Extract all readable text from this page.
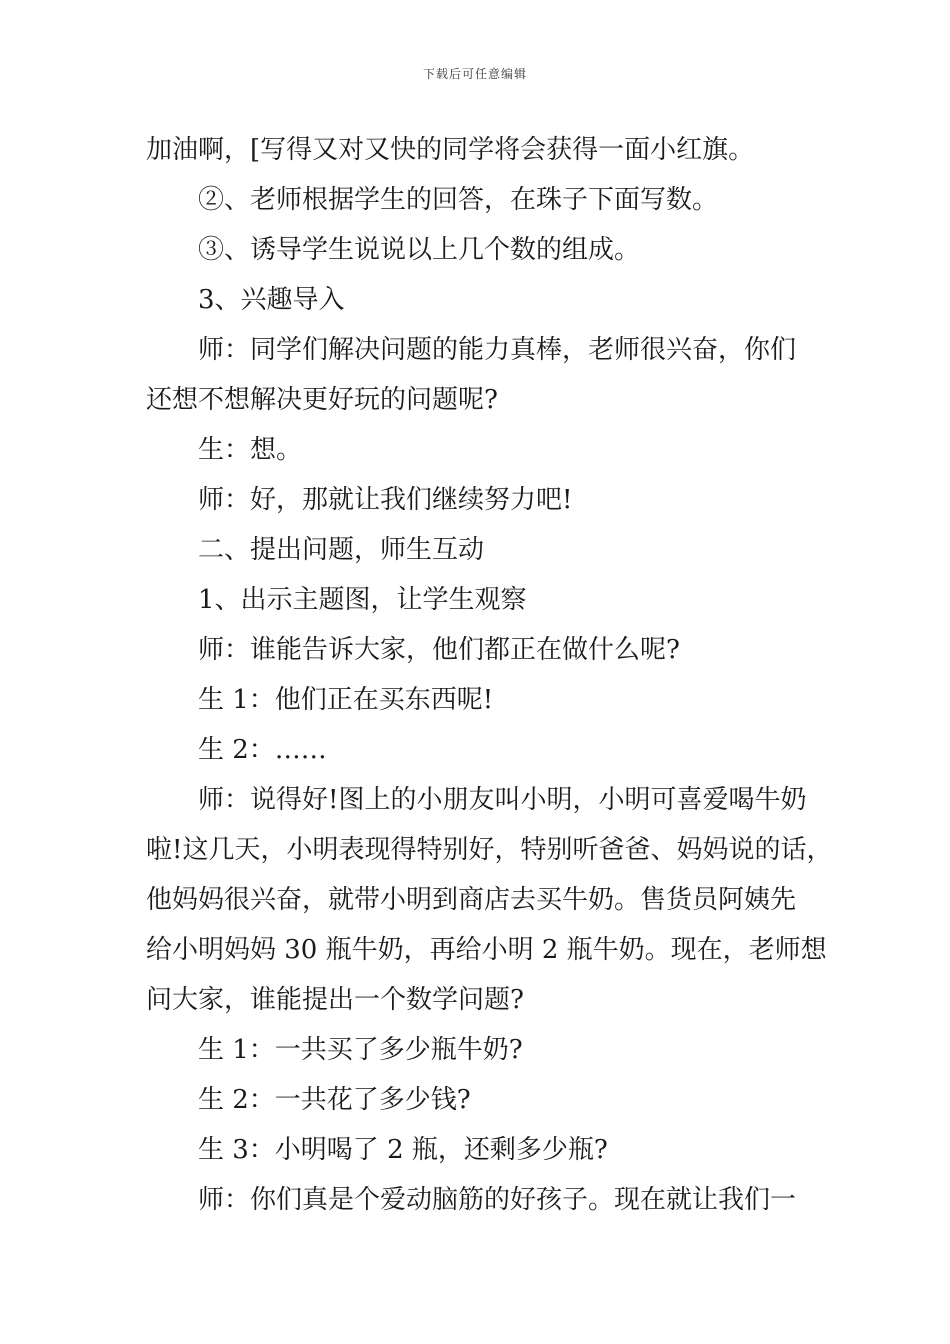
下载后可任意编辑
加油啊，[写得又对又快的同学将会获得一面小红旗。
②、老师根据学生的回答，在珠子下面写数。
③、诱导学生说说以上几个数的组成。
3、兴趣导入
师：同学们解决问题的能力真棒，老师很兴奋，你们
还想不想解决更好玩的问题呢?
生：想。
师：好，那就让我们继续努力吧!
二、提出问题，师生互动
1、出示主题图，让学生观察
师：谁能告诉大家，他们都正在做什么呢?
生 1：他们正在买东西呢!
生 2：……
师：说得好!图上的小朋友叫小明，小明可喜爱喝牛奶
啦!这几天，小明表现得特别好，特别听爸爸、妈妈说的话，
他妈妈很兴奋，就带小明到商店去买牛奶。售货员阿姨先
给小明妈妈 30 瓶牛奶，再给小明 2 瓶牛奶。现在，老师想
问大家，谁能提出一个数学问题?
生 1：一共买了多少瓶牛奶?
生 2：一共花了多少钱?
生 3：小明喝了 2 瓶，还剩多少瓶?
师：你们真是个爱动脑筋的好孩子。现在就让我们一
